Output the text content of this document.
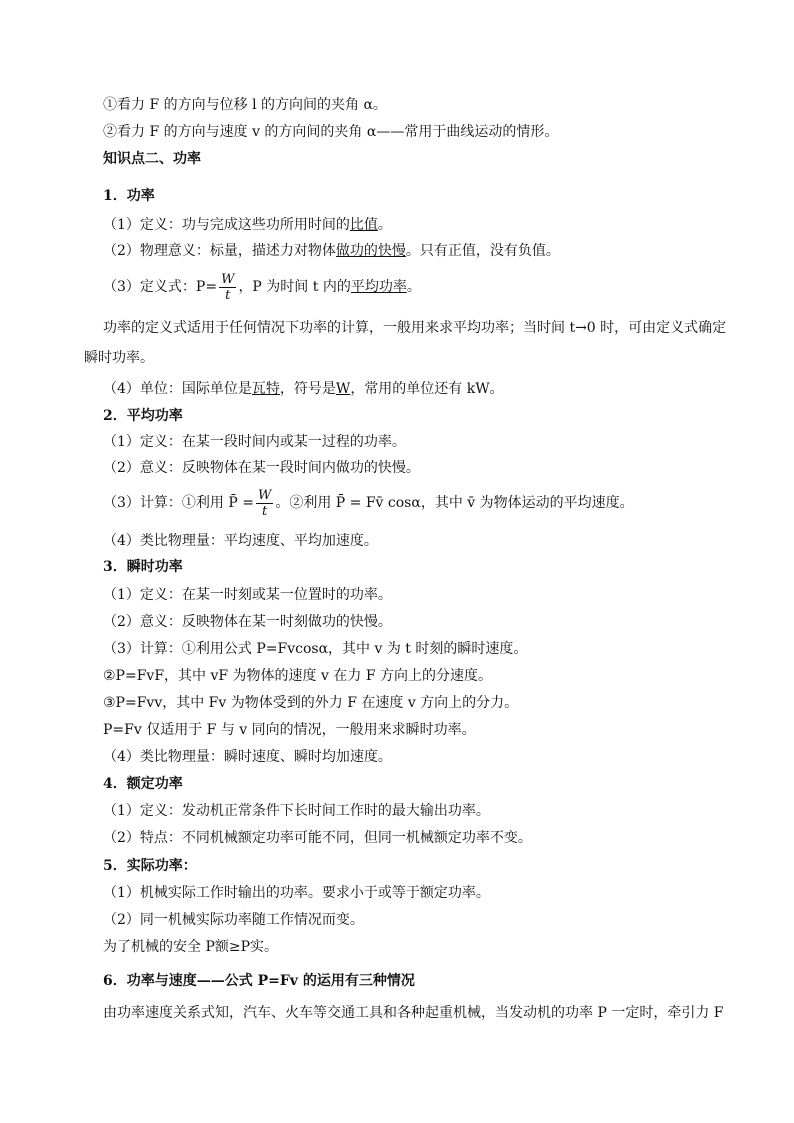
①看力 F 的方向与位移 l 的方向间的夹角 α。
②看力 F 的方向与速度 v 的方向间的夹角 α——常用于曲线运动的情形。
知识点二、功率
1．功率
（1）定义：功与完成这些功所用时间的比值。
（2）物理意义：标量，描述力对物体做功的快慢。只有正值，没有负值。
（3）定义式：$P= \frac{W}{t}$ ，P 为时间 t 内的平均功率。
功率的定义式适用于任何情况下功率的计算，一般用来求平均功率；当时间 t→0 时，可由定义式确定
瞬时功率。
（4）单位：国际单位是瓦特，符号是W，常用的单位还有 kW。
2．平均功率
（1）定义：在某一段时间内或某一过程的功率。
（2）意义：反映物体在某一段时间内做功的快慢。
（3）计算：①利用 P̄ = $\frac{W}{t}$ 。②利用 P̄ = Fv̄ cosα，其中 v̄ 为物体运动的平均速度。
（4）类比物理量：平均速度、平均加速度。
3．瞬时功率
（1）定义：在某一时刻或某一位置时的功率。
（2）意义：反映物体在某一时刻做功的快慢。
（3）计算：①利用公式 P=Fvcosα，其中 v 为 t 时刻的瞬时速度。
②P=FvF，其中 vF 为物体的速度 v 在力 F 方向上的分速度。
③P=Fvv，其中 Fv 为物体受到的外力 F 在速度 v 方向上的分力。
P=Fv 仅适用于 F 与 v 同向的情况，一般用来求瞬时功率。
（4）类比物理量：瞬时速度、瞬时均加速度。
4．额定功率
（1）定义：发动机正常条件下长时间工作时的最大输出功率。
（2）特点：不同机械额定功率可能不同，但同一机械额定功率不变。
5．实际功率：
（1）机械实际工作时输出的功率。要求小于或等于额定功率。
（2）同一机械实际功率随工作情况而变。
为了机械的安全 P额≥P实。
6．功率与速度——公式 P=Fv 的运用有三种情况
由功率速度关系式知，汽车、火车等交通工具和各种起重机械，当发动机的功率 P 一定时，牵引力 F
